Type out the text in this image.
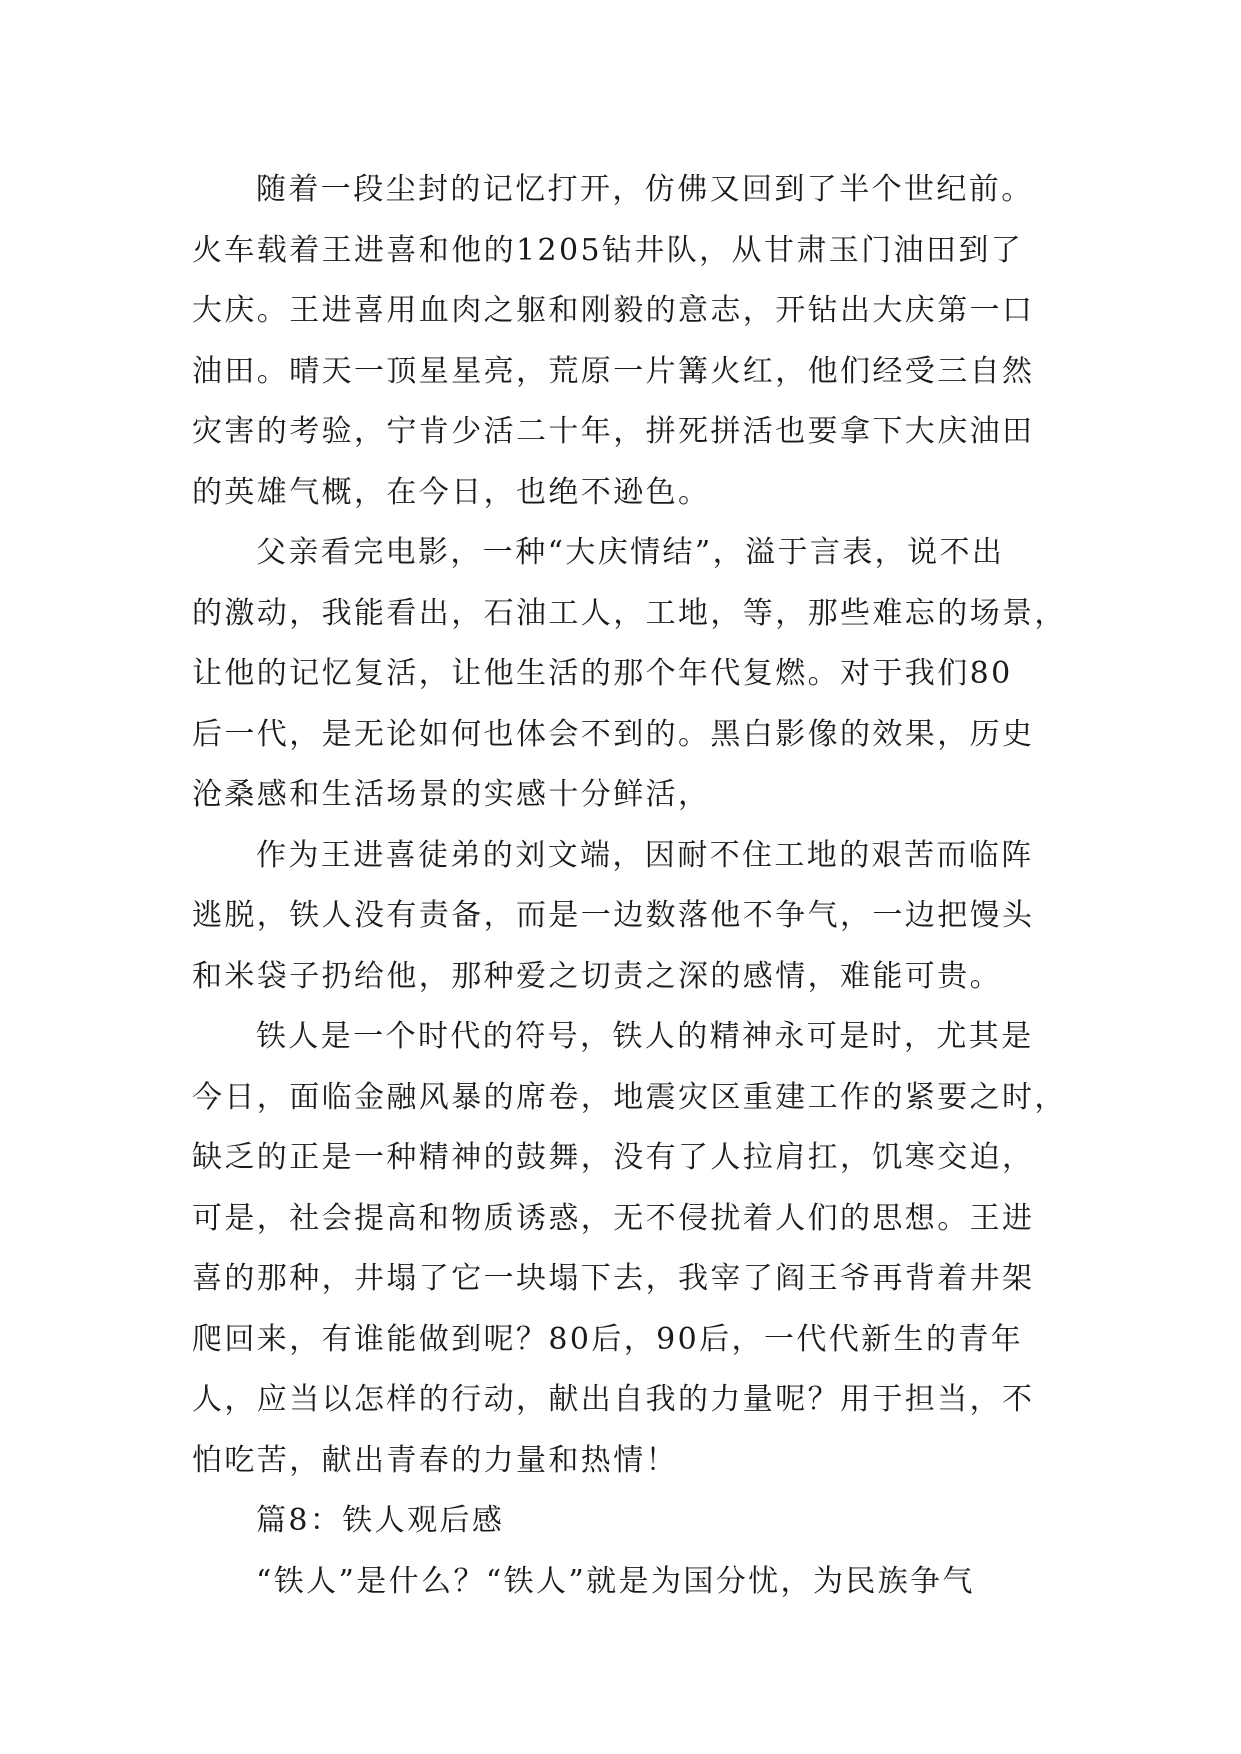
随着一段尘封的记忆打开，仿佛又回到了半个世纪前。
火车载着王进喜和他的1205钻井队，从甘肃玉门油田到了
大庆。王进喜用血肉之躯和刚毅的意志，开钻出大庆第一口
油田。晴天一顶星星亮，荒原一片篝火红，他们经受三自然
灾害的考验，宁肯少活二十年，拼死拼活也要拿下大庆油田
的英雄气概，在今日，也绝不逊色。
父亲看完电影，一种“大庆情结”，溢于言表，说不出
的激动，我能看出，石油工人，工地，等，那些难忘的场景，
让他的记忆复活，让他生活的那个年代复燃。对于我们80
后一代，是无论如何也体会不到的。黑白影像的效果，历史
沧桑感和生活场景的实感十分鲜活，
作为王进喜徒弟的刘文端，因耐不住工地的艰苦而临阵
逃脱，铁人没有责备，而是一边数落他不争气，一边把馒头
和米袋子扔给他，那种爱之切责之深的感情，难能可贵。
铁人是一个时代的符号，铁人的精神永可是时，尤其是
今日，面临金融风暴的席卷，地震灾区重建工作的紧要之时，
缺乏的正是一种精神的鼓舞，没有了人拉肩扛，饥寒交迫，
可是，社会提高和物质诱惑，无不侵扰着人们的思想。王进
喜的那种，井塌了它一块塌下去，我宰了阎王爷再背着井架
爬回来，有谁能做到呢？80后，90后，一代代新生的青年
人，应当以怎样的行动，献出自我的力量呢？用于担当，不
怕吃苦，献出青春的力量和热情！
篇8：铁人观后感
“铁人”是什么？“铁人”就是为国分忧，为民族争气
